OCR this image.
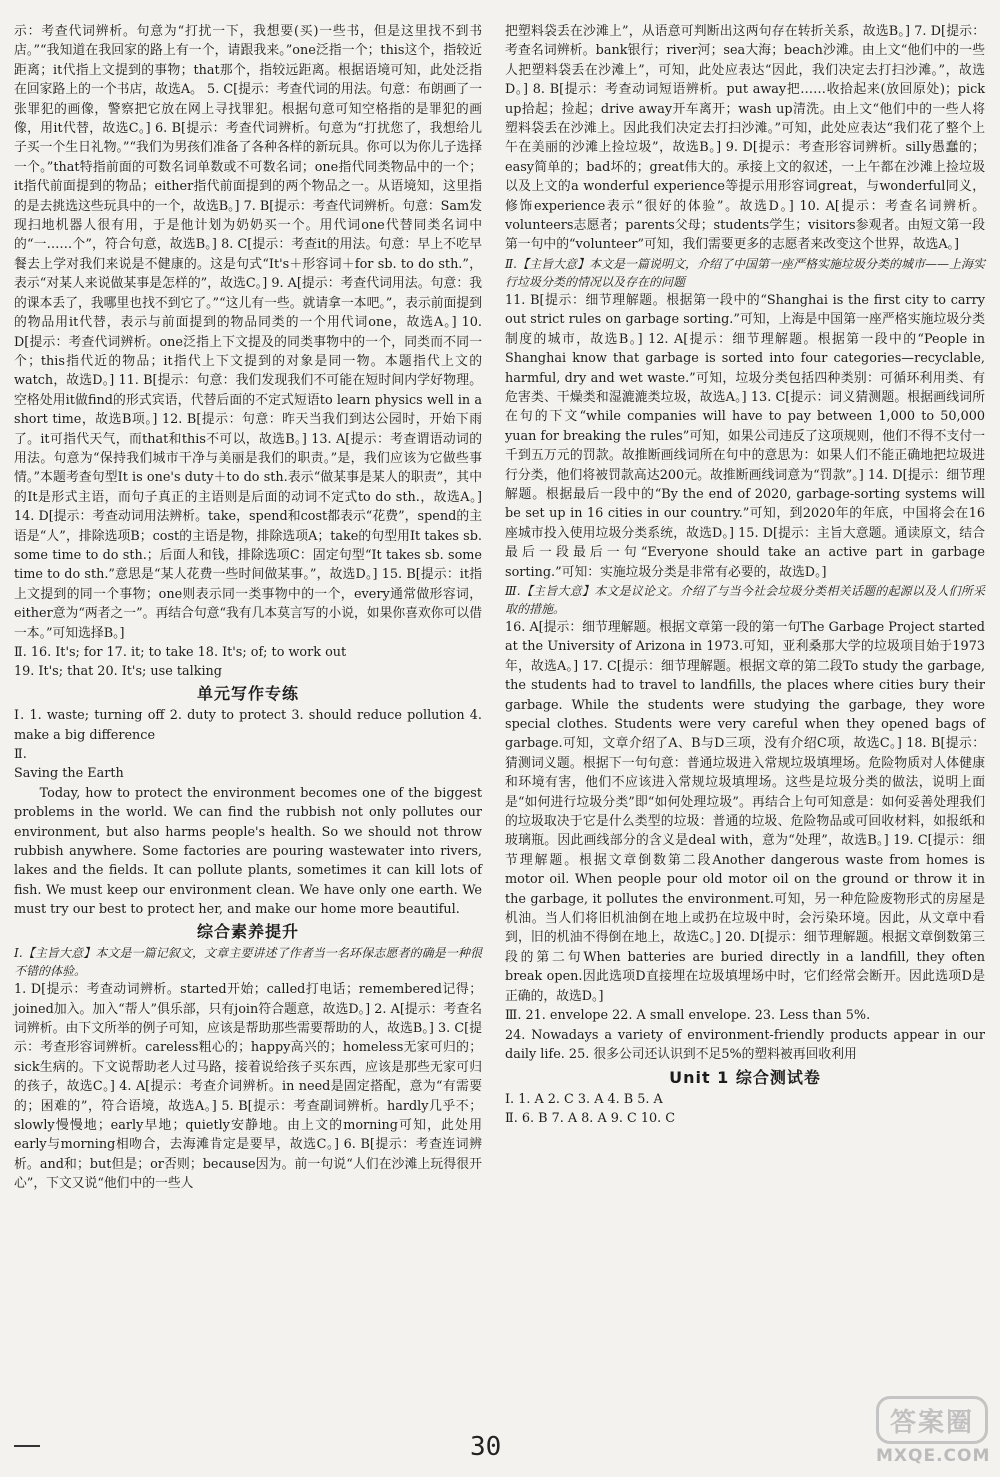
示：考查代词辨析。句意为“打扰一下，我想要(买)一些书，但是这里找不到书店。”“我知道在我回家的路上有一个，请跟我来。”one泛指一个；this这个，指较近距离；it代指上文提到的事物；that那个，指较远距离。根据语境可知，此处泛指在回家路上的一个书店，故选A。 5. C[提示：考查代词的用法。句意：布朗画了一张罪犯的画像，警察把它放在网上寻找罪犯。根据句意可知空格指的是罪犯的画像，用it代替，故选C。] 6. B[提示：考查代词辨析。句意为“打扰您了，我想给儿子买一个生日礼物。”“我们为男孩们准备了各种各样的新玩具。你可以为你儿子选择一个。”that特指前面的可数名词单数或不可数名词；one指代同类物品中的一个；it指代前面提到的物品；either指代前面提到的两个物品之一。从语境知，这里指的是去挑选这些玩具中的一个，故选B。] 7. B[提示：考查代词辨析。句意：Sam发现扫地机器人很有用，于是他计划为奶奶买一个。用代词one代替同类名词中的“一……个”，符合句意，故选B。] 8. C[提示：考查it的用法。句意：早上不吃早餐去上学对我们来说是不健康的。这是句式“It's＋形容词＋for sb. to do sth.”，表示“对某人来说做某事是怎样的”，故选C。] 9. A[提示：考查代词用法。句意：我的课本丢了，我哪里也找不到它了。”“这儿有一些。就请拿一本吧。”，表示前面提到的物品用it代替，表示与前面提到的物品同类的一个用代词one，故选A。] 10. D[提示：考查代词辨析。one泛指上下文提及的同类事物中的一个，同类而不同一个；this指代近的物品；it指代上下文提到的对象是同一物。本题指代上文的watch，故选D。] 11. B[提示：句意：我们发现我们不可能在短时间内学好物理。空格处用it做find的形式宾语，代替后面的不定式短语to learn physics well in a short time，故选B项。] 12. B[提示：句意：昨天当我们到达公园时，开始下雨了。it可指代天气，而that和this不可以，故选B。] 13. A[提示：考查谓语动词的用法。句意为“保持我们城市干净与美丽是我们的职责。”是，我们应该为它做些事情。”本题考查句型It is one's duty＋to do sth.表示“做某事是某人的职责”，其中的It是形式主语，而句子真正的主语则是后面的动词不定式to do sth.，故选A。] 14. D[提示：考查动词用法辨析。take，spend和cost都表示“花费”，spend的主语是“人”，排除选项B；cost的主语是物，排除选项A；take的句型用It takes sb. some time to do sth.；后面人和钱，排除选项C：固定句型“It takes sb. some time to do sth.”意思是“某人花费一些时间做某事。”，故选D。] 15. B[提示：it指上文提到的同一个事物；one则表示同一类事物中的一个，every通常做形容词，either意为“两者之一”。再结合句意“我有几本莫言写的小说，如果你喜欢你可以借一本。”可知选择B。]

Ⅱ. 16. It's; for 17. it; to take 18. It's; of; to work out

19. It's; that 20. It's; use talking

单元写作专练

Ⅰ. 1. waste; turning off 2. duty to protect 3. should reduce pollution 4. make a big difference

Ⅱ.

Saving the Earth

Today, how to protect the environment becomes one of the biggest problems in the world. We can find the rubbish not only pollutes our environment, but also harms people's health. So we should not throw rubbish anywhere. Some factories are pouring wastewater into rivers, lakes and the fields. It can pollute plants, sometimes it can kill lots of fish. We must keep our environment clean. We have only one earth. We must try our best to protect her, and make our home more beautiful.

综合素养提升

Ⅰ.【主旨大意】本文是一篇记叙文，文章主要讲述了作者当一名环保志愿者的确是一种很不错的体验。

1. D[提示：考查动词辨析。started开始；called打电话；remembered记得；joined加入。加入“帮人”俱乐部，只有join符合题意，故选D。] 2. A[提示：考查名词辨析。由下文所举的例子可知，应该是帮助那些需要帮助的人，故选B。] 3. C[提示：考查形容词辨析。careless粗心的；happy高兴的；homeless无家可归的；sick生病的。下文说帮助老人过马路，接着说给孩子买东西，应该是那些无家可归的孩子，故选C。] 4. A[提示：考查介词辨析。in need是固定搭配，意为“有需要的；困难的”，符合语境，故选A。] 5. B[提示：考查副词辨析。hardly几乎不；slowly慢慢地；early早地；quietly安静地。由上文的morning可知，此处用early与morning相吻合，去海滩肯定是要早，故选C。] 6. B[提示：考查连词辨析。and和；but但是；or否则；because因为。前一句说“人们在沙滩上玩得很开心”，下文又说“他们中的一些人

把塑料袋丢在沙滩上”，从语意可判断出这两句存在转折关系，故选B。] 7. D[提示：考查名词辨析。bank银行；river河；sea大海；beach沙滩。由上文“他们中的一些人把塑料袋丢在沙滩上”，可知，此处应表达“因此，我们决定去打扫沙滩。”，故选D。] 8. B[提示：考查动词短语辨析。put away把……收拾起来(放回原处)；pick up拾起；捡起；drive away开车离开；wash up清洗。由上文“他们中的一些人将塑料袋丢在沙滩上。因此我们决定去打扫沙滩。”可知，此处应表达“我们花了整个上午在美丽的沙滩上捡垃圾”，故选B。] 9. D[提示：考查形容词辨析。silly愚蠢的；easy简单的；bad坏的；great伟大的。承接上文的叙述，一上午都在沙滩上捡垃圾以及上文的a wonderful experience等提示用形容词great，与wonderful同义，修饰experience表示“很好的体验”。故选D。] 10. A[提示：考查名词辨析。volunteers志愿者；parents父母；students学生；visitors参观者。由短文第一段第一句中的“volunteer”可知，我们需要更多的志愿者来改变这个世界，故选A。]

Ⅱ.【主旨大意】本文是一篇说明文，介绍了中国第一座严格实施垃圾分类的城市——上海实行垃圾分类的情况以及存在的问题

11. B[提示：细节理解题。根据第一段中的“Shanghai is the first city to carry out strict rules on garbage sorting.”可知，上海是中国第一座严格实施垃圾分类制度的城市，故选B。] 12. A[提示：细节理解题。根据第一段中的“People in Shanghai know that garbage is sorted into four categories—recyclable, harmful, dry and wet waste.”可知，垃圾分类包括四种类别：可循环利用类、有危害类、干燥类和湿漉漉类垃圾，故选A。] 13. C[提示：词义猜测题。根据画线词所在句的下文“while companies will have to pay between 1,000 to 50,000 yuan for breaking the rules”可知，如果公司违反了这项规则，他们不得不支付一千到五万元的罚款。故推断画线词所在句中的意思为：如果人们不能正确地把垃圾进行分类，他们将被罚款高达200元。故推断画线词意为“罚款”。] 14. D[提示：细节理解题。根据最后一段中的“By the end of 2020, garbage-sorting systems will be set up in 16 cities in our country.”可知，到2020年的年底，中国将会在16座城市投入使用垃圾分类系统，故选D。] 15. D[提示：主旨大意题。通读原文，结合最后一段最后一句“Everyone should take an active part in garbage sorting.”可知：实施垃圾分类是非常有必要的，故选D。]

Ⅲ.【主旨大意】本文是议论文。介绍了与当今社会垃圾分类相关话题的起源以及人们所采取的措施。

16. A[提示：细节理解题。根据文章第一段的第一句The Garbage Project started at the University of Arizona in 1973.可知，亚利桑那大学的垃圾项目始于1973年，故选A。] 17. C[提示：细节理解题。根据文章的第二段To study the garbage, the students had to travel to landfills, the places where cities bury their garbage. While the students were studying the garbage, they wore special clothes. Students were very careful when they opened bags of garbage.可知，文章介绍了A、B与D三项，没有介绍C项，故选C。] 18. B[提示：猜测词义题。根据下一句句意：普通垃圾进入常规垃圾填埋场。危险物质对人体健康和环境有害，他们不应该进入常规垃圾填埋场。这些是垃圾分类的做法，说明上面是“如何进行垃圾分类”即“如何处理垃圾”。再结合上句可知意是：如何妥善处理我们的垃圾取决于它是什么类型的垃圾：普通的垃圾、危险物品或可回收材料，如报纸和玻璃瓶。因此画线部分的含义是deal with，意为“处理”，故选B。] 19. C[提示：细节理解题。根据文章倒数第二段Another dangerous waste from homes is motor oil. When people pour old motor oil on the ground or throw it in the garbage, it pollutes the environment.可知，另一种危险废物形式的房屋是机油。当人们将旧机油倒在地上或扔在垃圾中时，会污染环境。因此，从文章中看到，旧的机油不得倒在地上，故选C。] 20. D[提示：细节理解题。根据文章倒数第三段的第二句When batteries are buried directly in a landfill, they often break open.因此选项D直接埋在垃圾填埋场中时，它们经常会断开。因此选项D是正确的，故选D。]

Ⅲ. 21. envelope 22. A small envelope. 23. Less than 5%.

24. Nowadays a variety of environment-friendly products appear in our daily life. 25. 很多公司还认识到不足5%的塑料被再回收利用

Unit 1 综合测试卷

Ⅰ. 1. A 2. C 3. A 4. B 5. A

Ⅱ. 6. B 7. A 8. A 9. C 10. C

30
答案圈
MXQE.COM
